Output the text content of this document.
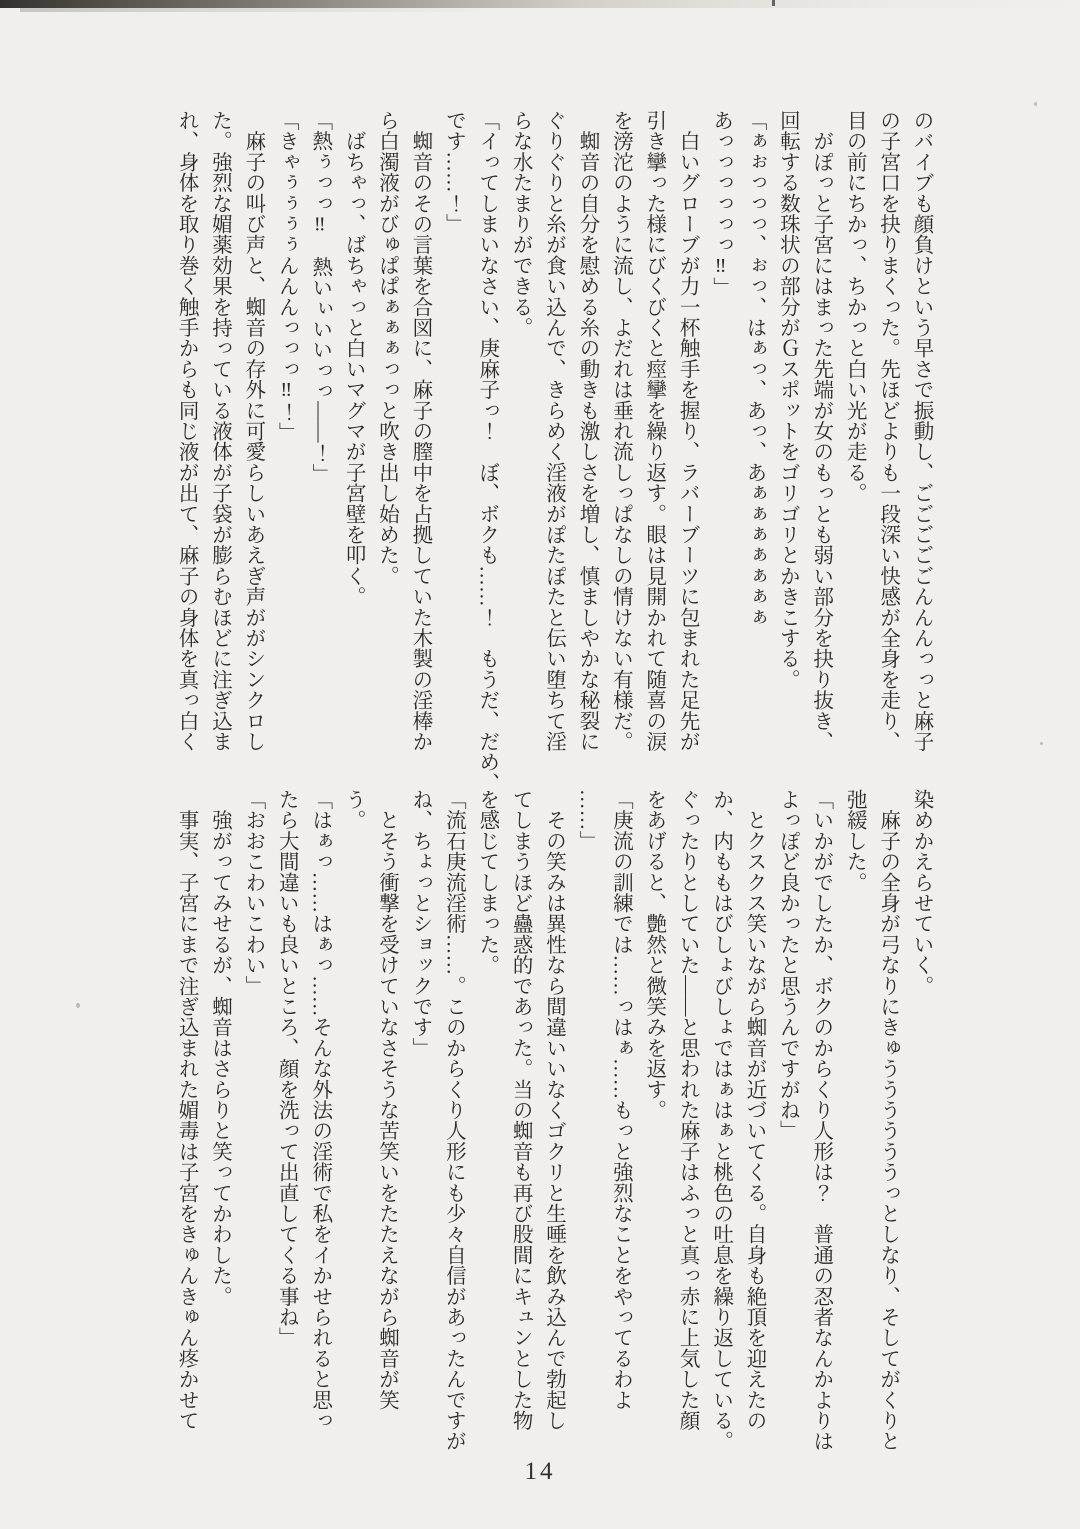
のバイブも顔負けという早さで振動し、ごごごごごんんんっっと麻子
の子宮口を抉りまくった。先ほどよりも一段深い快感が全身を走り、
目の前にちかっ、ちかっと白い光が走る。
　がぽっと子宮にはまった先端が女のもっとも弱い部分を抉り抜き、
回転する数珠状の部分がＧスポットをゴリゴリとかきこする。
「ぁぉっっっ、ぉっ、はぁっ、あっ、あぁぁぁぁぁぁぁ
あっっっっっっ‼」
　白いグローブが力一杯触手を握り、ラバーブーツに包まれた足先が
引き攣った様にびくびくと痙攣を繰り返す。眼は見開かれて随喜の涙
を滂沱のように流し、よだれは垂れ流しっぱなしの情けない有様だ。
　蜘音の自分を慰める糸の動きも激しさを増し、慎ましやかな秘裂に
ぐりぐりと糸が食い込んで、きらめく淫液がぽたぽたと伝い堕ちて淫
らな水たまりができる。
「イってしまいなさい、庚麻子っ！　ぼ、ボクも……！　もうだ、だめ、
です……！」
　蜘音のその言葉を合図に、麻子の膣中を占拠していた木製の淫棒か
ら白濁液がびゅぱぱぁぁぁっっと吹き出し始めた。
　ばちゃっ、ばちゃっと白いマグマが子宮壁を叩く。
「熱ぅっっ‼　熱いぃいいっっ――！」
「きゃぅぅぅぅんんんっっっ‼！」
　麻子の叫び声と、蜘音の存外に可愛らしいあえぎ声ががシンクロし
た。強烈な媚薬効果を持っている液体が子袋が膨らむほどに注ぎ込ま
れ、身体を取り巻く触手からも同じ液が出て、麻子の身体を真っ白く
染めかえらせていく。
　麻子の全身が弓なりにきゅううううううっとしなり、そしてがくりと
弛緩した。
「いかがでしたか、ボクのからくり人形は？　普通の忍者なんかよりは
よっぽど良かったと思うんですがね」
　とクスクス笑いながら蜘音が近づいてくる。自身も絶頂を迎えたの
か、内ももはびしょびしょではぁはぁと桃色の吐息を繰り返している。
ぐったりとしていた――と思われた麻子はふっと真っ赤に上気した顔
をあげると、艶然と微笑みを返す。
「庚流の訓練では……っはぁ……もっと強烈なことをやってるわよ
……」
　その笑みは異性なら間違いいなくゴクリと生唾を飲み込んで勃起し
てしまうほど蠱惑的であった。当の蜘音も再び股間にキュンとした物
を感じてしまった。
「流石庚流淫術……。このからくり人形にも少々自信があったんですが
ね、ちょっとショックです」
　とそう衝撃を受けていなさそうな苦笑いをたたえながら蜘音が笑
う。
「はぁっ……はぁっ……そんな外法の淫術で私をイかせられると思っ
たら大間違いも良いところ、顔を洗って出直してくる事ね」
「おおこわいこわい」
　強がってみせるが、蜘音はさらりと笑ってかわした。
　事実、子宮にまで注ぎ込まれた媚毒は子宮をきゅんきゅん疼かせて
14
